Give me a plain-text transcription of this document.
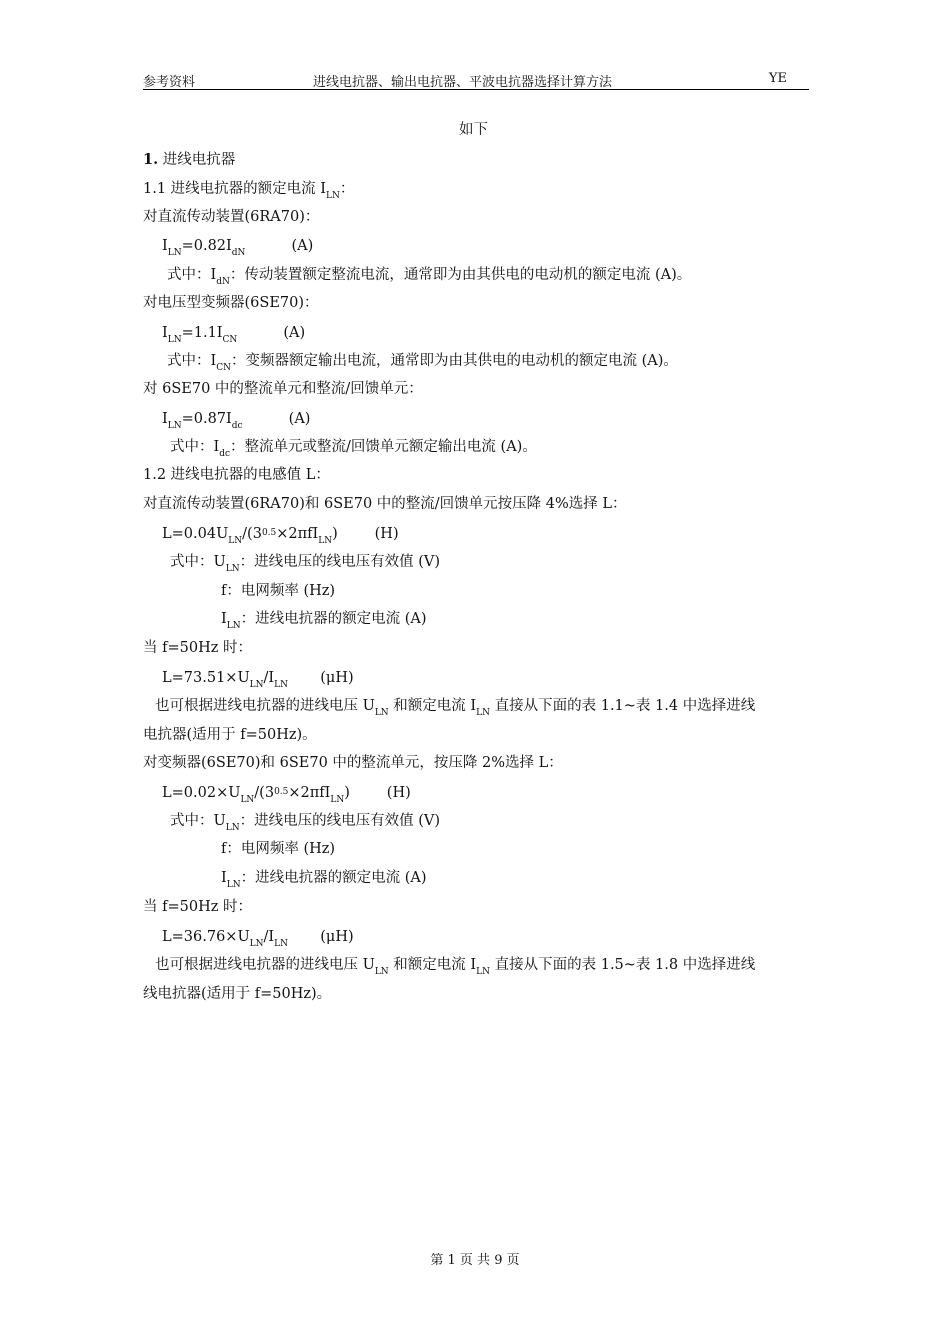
参考资料	进线电抗器、输出电抗器、平波电抗器选择计算方法	YE
如下
1. 进线电抗器
1.1 进线电抗器的额定电流 $I_{LN}$：
对直流传动装置(6RA70)：
$I_{LN}=0.82I_{dN}$          (A)
式中：$I_{dN}$：传动装置额定整流电流，通常即为由其供电的电动机的额定电流 (A)。
对电压型变频器(6SE70)：
$I_{LN}=1.1I_{CN}$          (A)
式中：$I_{CN}$：变频器额定输出电流，通常即为由其供电的电动机的额定电流 (A)。
对 6SE70 中的整流单元和整流/回馈单元：
$I_{LN}=0.87I_{dc}$          (A)
式中：$I_{dc}$：整流单元或整流/回馈单元额定输出电流 (A)。
1.2 进线电抗器的电感值 L：
对直流传动装置(6RA70)和 6SE70 中的整流/回馈单元按压降 4%选择 L：
$L=0.04U_{LN}/(3^{0.5}\times 2\pi fI_{LN})$        (H)
式中：$U_{LN}$：进线电压的线电压有效值 (V)
f：电网频率 (Hz)
$I_{LN}$：进线电抗器的额定电流 (A)
当 f=50Hz 时：
$L=73.51\times U_{LN}/I_{LN}$       (μH)
也可根据进线电抗器的进线电压 $U_{LN}$ 和额定电流 $I_{LN}$ 直接从下面的表 1.1~表 1.4 中选择进线
电抗器(适用于 f=50Hz)。
对变频器(6SE70)和 6SE70 中的整流单元，按压降 2%选择 L：
$L=0.02\times U_{LN}/(3^{0.5}\times 2\pi fI_{LN})$        (H)
式中：$U_{LN}$：进线电压的线电压有效值 (V)
f：电网频率 (Hz)
$I_{LN}$：进线电抗器的额定电流 (A)
当 f=50Hz 时：
$L=36.76\times U_{LN}/I_{LN}$       (μH)
也可根据进线电抗器的进线电压 $U_{LN}$ 和额定电流 $I_{LN}$ 直接从下面的表 1.5~表 1.8 中选择进线
线电抗器(适用于 f=50Hz)。
第 1 页 共 9 页
